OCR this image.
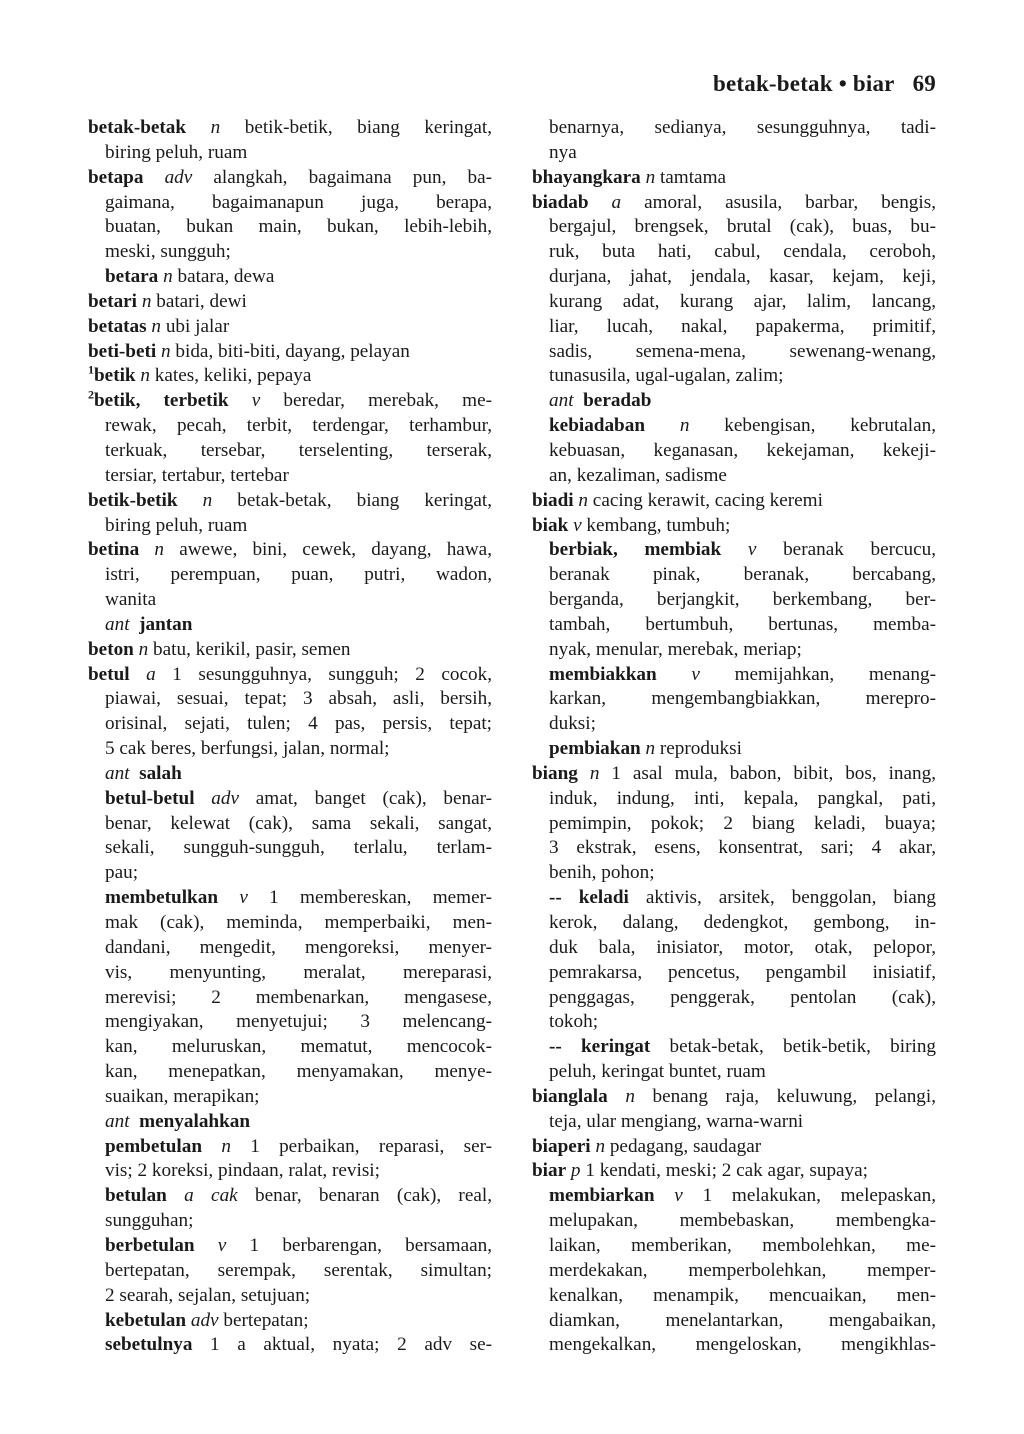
betak-betak • biar 69
betak-betak n betik-betik, biang keringat,
biring peluh, ruam
betapa adv alangkah, bagaimana pun, ba-
gaimana, bagaimanapun juga, berapa,
buatan, bukan main, bukan, lebih-lebih,
meski, sungguh;
betara n batara, dewa
betari n batari, dewi
betatas n ubi jalar
beti-beti n bida, biti-biti, dayang, pelayan
$^1$betik n kates, keliki, pepaya
$^2$betik, terbetik v beredar, merebak, me-
rewak, pecah, terbit, terdengar, terhambur,
terkuak, tersebar, terselenting, terserak,
tersiar, tertabur, tertebar
betik-betik n betak-betak, biang keringat,
biring peluh, ruam
betina n awewe, bini, cewek, dayang, hawa,
istri, perempuan, puan, putri, wadon,
wanita
ant  jantan
beton n batu, kerikil, pasir, semen
betul a 1 sesungguhnya, sungguh; 2 cocok,
piawai, sesuai, tepat; 3 absah, asli, bersih,
orisinal, sejati, tulen; 4 pas, persis, tepat;
5 cak beres, berfungsi, jalan, normal;
ant  salah
betul-betul adv amat, banget (cak), benar-
benar, kelewat (cak), sama sekali, sangat,
sekali, sungguh-sungguh, terlalu, terlam-
pau;
membetulkan v 1 membereskan, memer-
mak (cak), meminda, memperbaiki, men-
dandani, mengedit, mengoreksi, menyer-
vis, menyunting, meralat, mereparasi,
merevisi; 2 membenarkan, mengasese,
mengiyakan, menyetujui; 3 melencang-
kan, meluruskan, mematut, mencocok-
kan, menepatkan, menyamakan, menye-
suaikan, merapikan;
ant  menyalahkan
pembetulan n 1 perbaikan, reparasi, ser-
vis; 2 koreksi, pindaan, ralat, revisi;
betulan a cak benar, benaran (cak), real,
sungguhan;
berbetulan v 1 berbarengan, bersamaan,
bertepatan, serempak, serentak, simultan;
2 searah, sejalan, setujuan;
kebetulan adv bertepatan;
sebetulnya 1 a aktual, nyata; 2 adv se-
benarnya, sedianya, sesungguhnya, tadi-
nya
bhayangkara n tamtama
biadab a amoral, asusila, barbar, bengis,
bergajul, brengsek, brutal (cak), buas, bu-
ruk, buta hati, cabul, cendala, ceroboh,
durjana, jahat, jendala, kasar, kejam, keji,
kurang adat, kurang ajar, lalim, lancang,
liar, lucah, nakal, papakerma, primitif,
sadis, semena-mena, sewenang-wenang,
tunasusila, ugal-ugalan, zalim;
ant  beradab
kebiadaban n kebengisan, kebrutalan,
kebuasan, keganasan, kekejaman, kekeji-
an, kezaliman, sadisme
biadi n cacing kerawit, cacing keremi
biak v kembang, tumbuh;
berbiak, membiak v beranak bercucu,
beranak pinak, beranak, bercabang,
berganda, berjangkit, berkembang, ber-
tambah, bertumbuh, bertunas, memba-
nyak, menular, merebak, meriap;
membiakkan v memijahkan, menang-
karkan, mengembangbiakkan, merepro-
duksi;
pembiakan n reproduksi
biang n 1 asal mula, babon, bibit, bos, inang,
induk, indung, inti, kepala, pangkal, pati,
pemimpin, pokok; 2 biang keladi, buaya;
3 ekstrak, esens, konsentrat, sari; 4 akar,
benih, pohon;
-- keladi aktivis, arsitek, benggolan, biang
kerok, dalang, dedengkot, gembong, in-
duk bala, inisiator, motor, otak, pelopor,
pemrakarsa, pencetus, pengambil inisiatif,
penggagas, penggerak, pentolan (cak),
tokoh;
-- keringat betak-betak, betik-betik, biring
peluh, keringat buntet, ruam
bianglala n benang raja, keluwung, pelangi,
teja, ular mengiang, warna-warni
biaperi n pedagang, saudagar
biar p 1 kendati, meski; 2 cak agar, supaya;
membiarkan v 1 melakukan, melepaskan,
melupakan, membebaskan, membengka-
laikan, memberikan, membolehkan, me-
merdekakan, memperbolehkan, memper-
kenalkan, menampik, mencuaikan, men-
diamkan, menelantarkan, mengabaikan,
mengekalkan, mengeloskan, mengikhlas-
